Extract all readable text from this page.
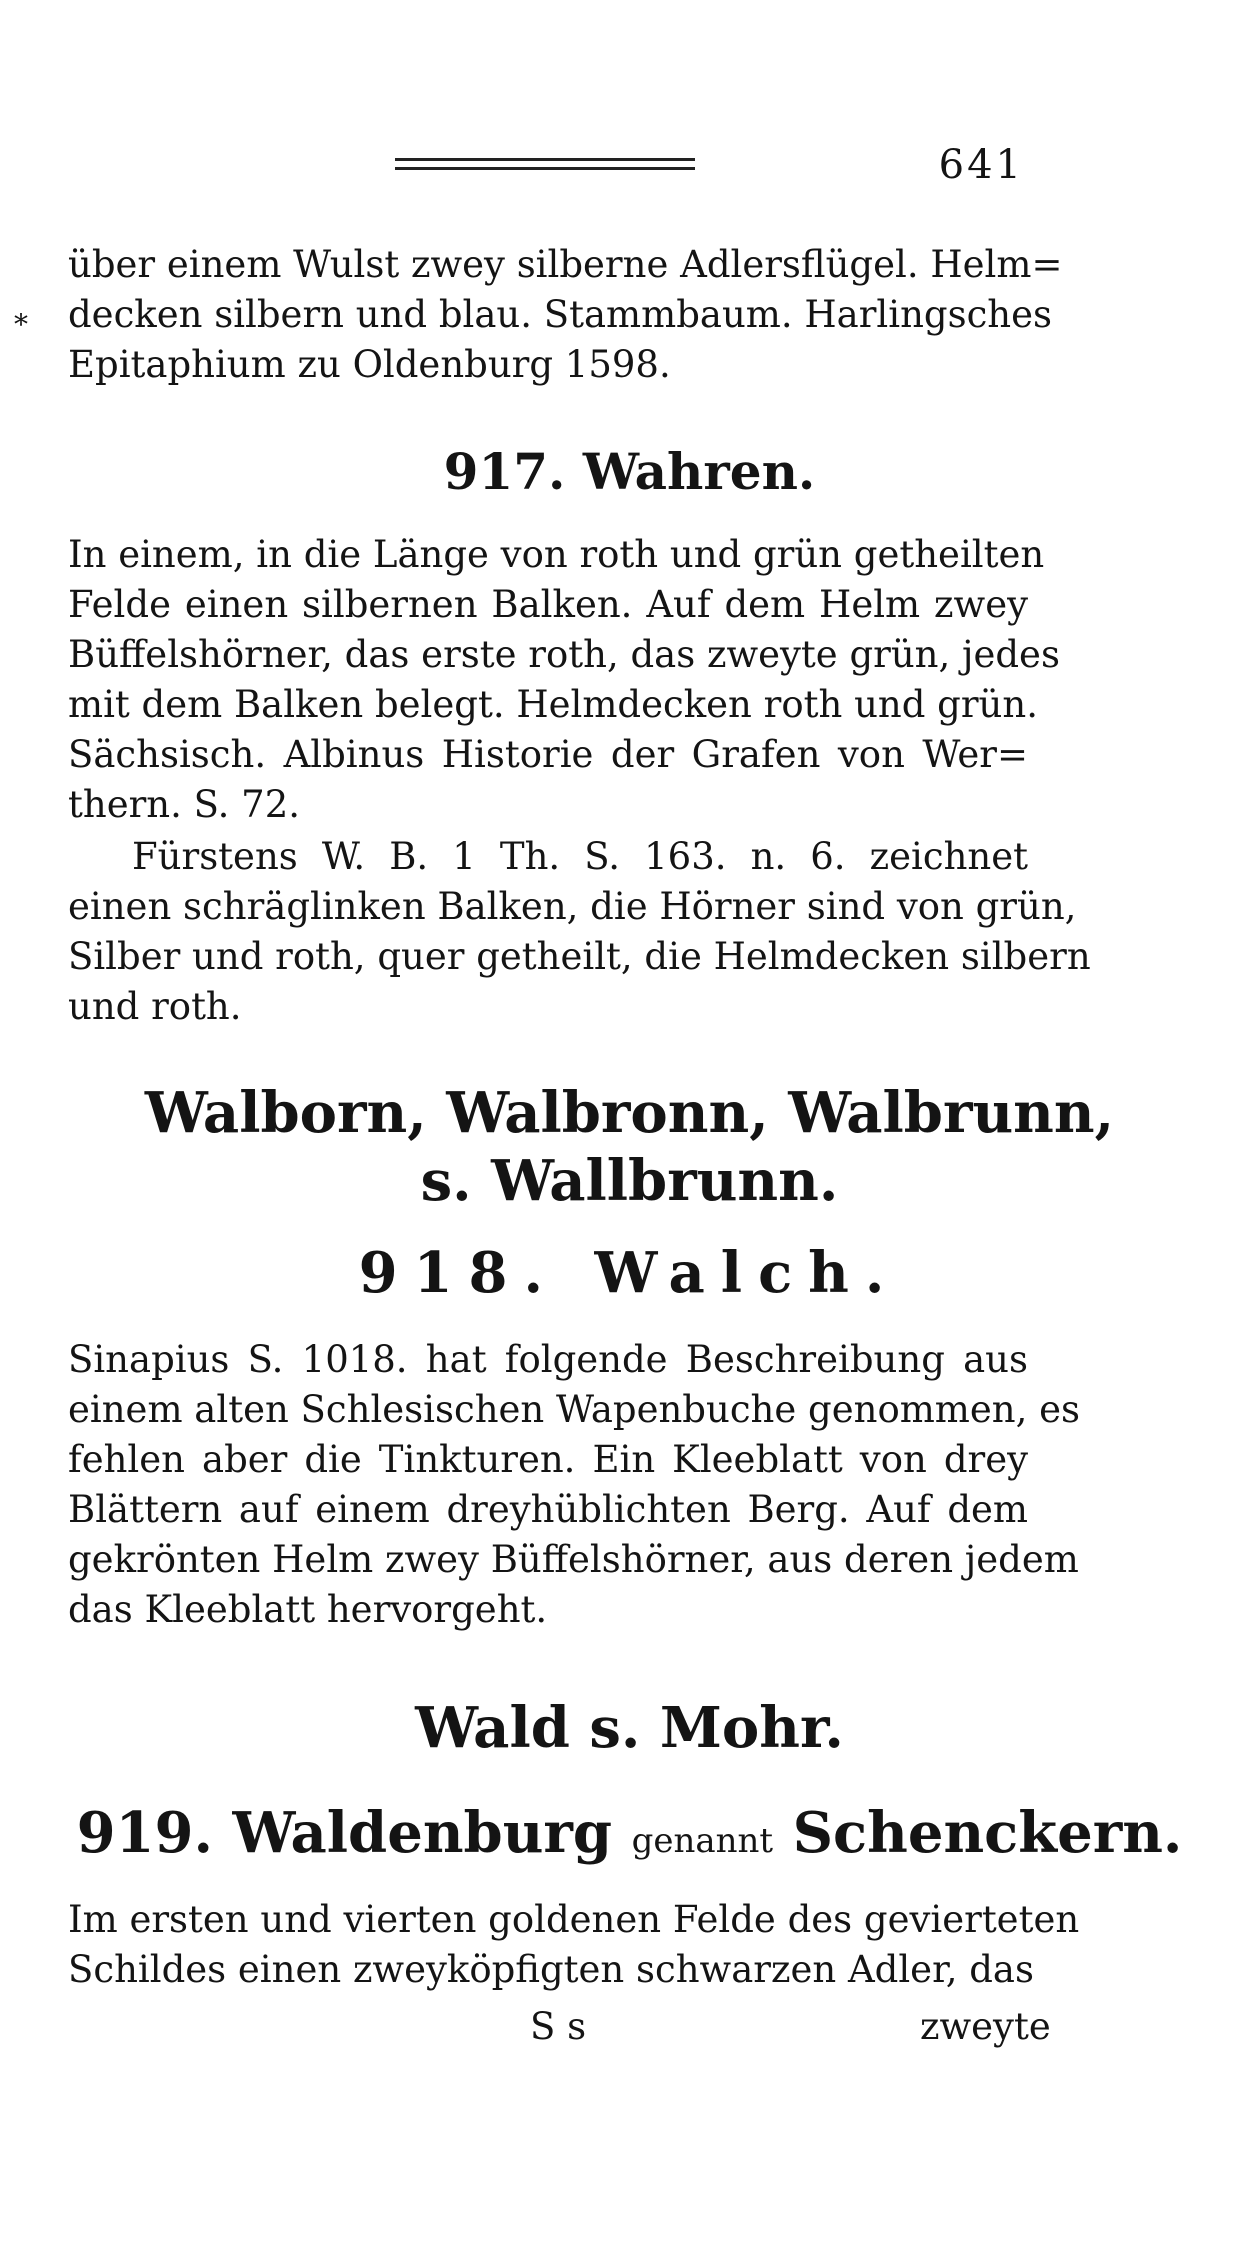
641
*
über einem Wulst zwey silberne Adlersflügel. Helm=
decken silbern und blau. Stammbaum. Harlingsches
Epitaphium zu Oldenburg 1598.
917. Wahren.
In einem, in die Länge von roth und grün getheilten
Felde einen silbernen Balken. Auf dem Helm zwey
Büffelshörner, das erste roth, das zweyte grün, jedes
mit dem Balken belegt. Helmdecken roth und grün.
Sächsisch. Albinus Historie der Grafen von Wer=
thern. S. 72.
Fürstens W. B. 1 Th. S. 163. n. 6. zeichnet
einen schräglinken Balken, die Hörner sind von grün,
Silber und roth, quer getheilt, die Helmdecken silbern
und roth.
Walborn, Walbronn, Walbrunn,
s. Wallbrunn.
918. Walch.
Sinapius S. 1018. hat folgende Beschreibung aus
einem alten Schlesischen Wapenbuche genommen, es
fehlen aber die Tinkturen. Ein Kleeblatt von drey
Blättern auf einem dreyhüblichten Berg. Auf dem
gekrönten Helm zwey Büffelshörner, aus deren jedem
das Kleeblatt hervorgeht.
Wald s. Mohr.
919. Waldenburg genannt Schenckern.
Im ersten und vierten goldenen Felde des gevierteten
Schildes einen zweyköpfigten schwarzen Adler, das
S s	zweyte
